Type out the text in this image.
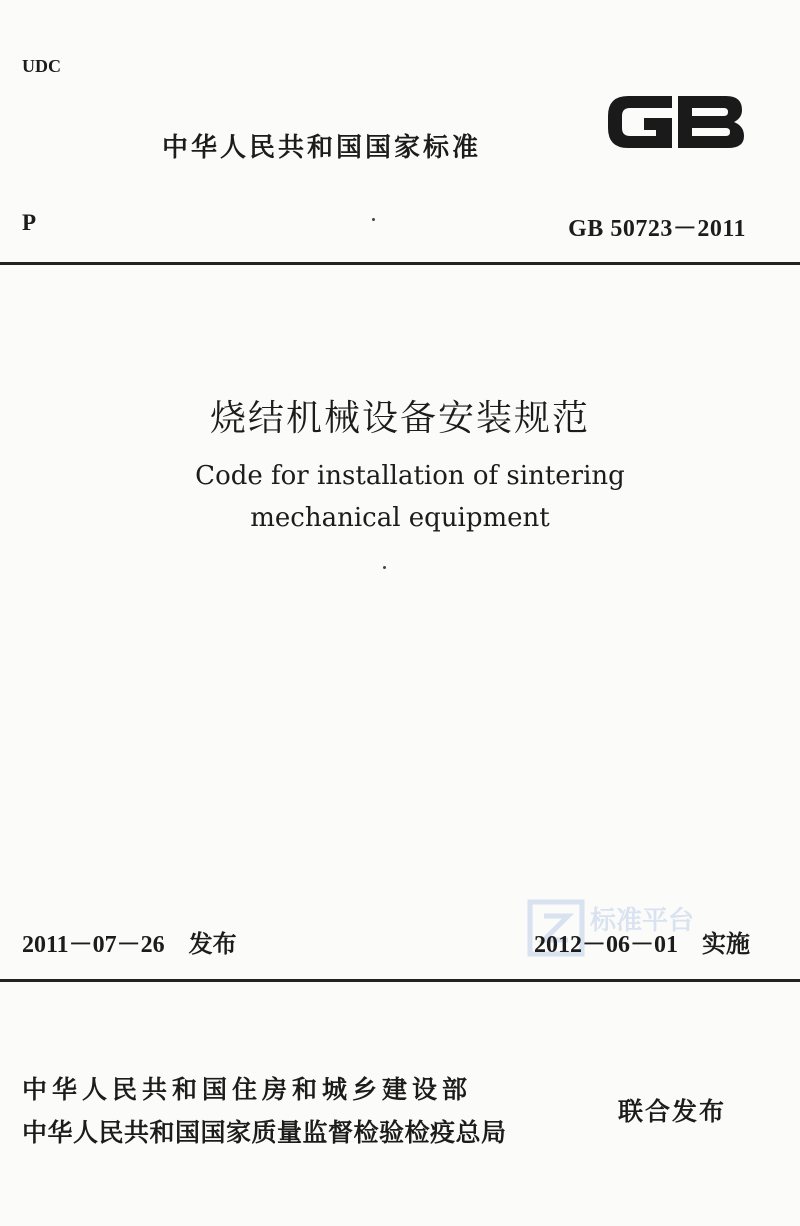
UDC
中华人民共和国国家标准
P	GB 50723－2011
烧结机械设备安装规范
Code for installation of sintering
mechanical equipment
2011－07－26　发布
标准平台
2012－06－01　实施
中华人民共和国住房和城乡建设部
中华人民共和国国家质量监督检验检疫总局
联合发布
